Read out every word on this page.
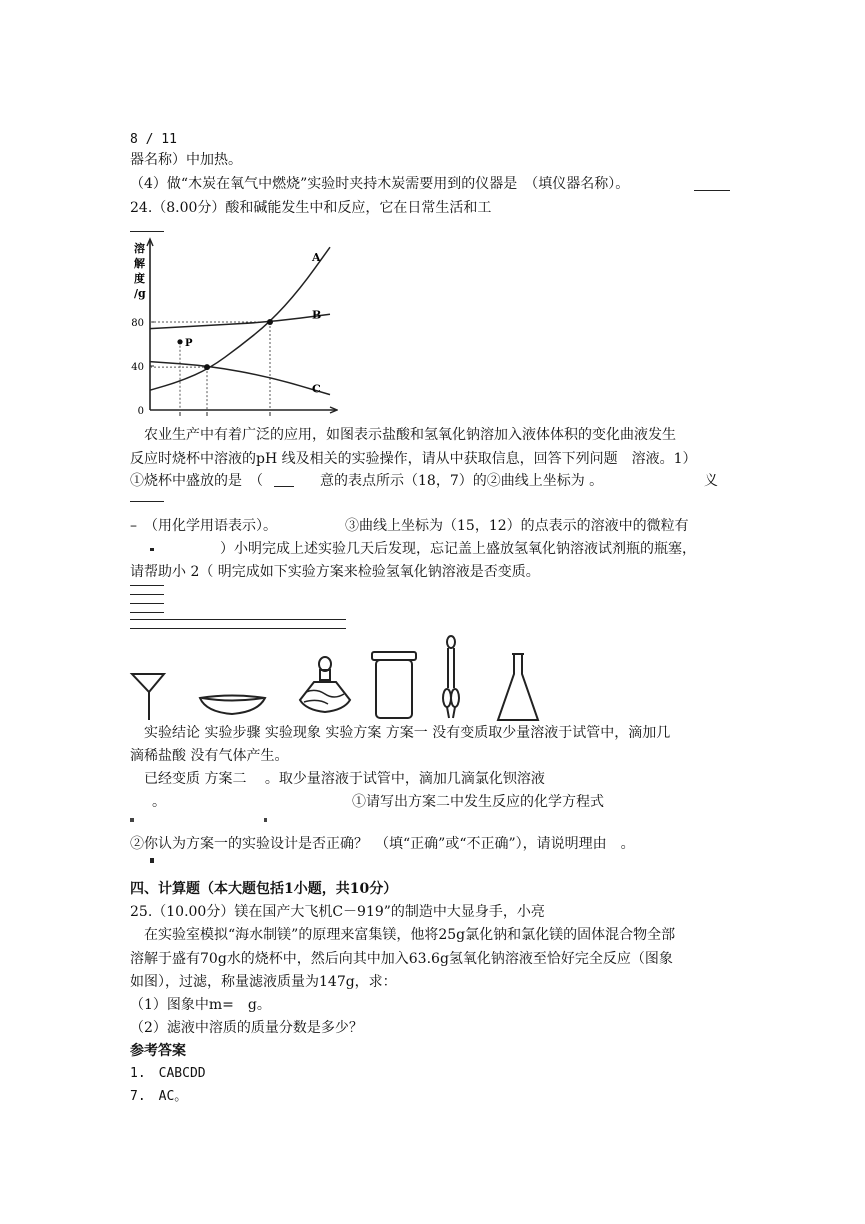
8 / 11
器名称）中加热。
（4）做“木炭在氧气中燃烧”实验时夹持木炭需要用到的仪器是　（填仪器名称）。
24.（8.00分）酸和碱能发生中和反应，它在日常生活和工
溶
解
度
/g
0
40
80
A
B
C
P
　农业生产中有着广泛的应用，如图表示盐酸和氢氧化钠溶加入液体体积的变化曲液发生
反应时烧杯中溶液的pH 线及相关的实验操作，请从中获取信息，回答下列问题　溶液。1）
①烧杯中盛放的是　（	意的表点所示（18，7）的②曲线上坐标为 。	义
–　（用化学用语表示）。	③曲线上坐标为（15，12）的点表示的溶液中的微粒有
）小明完成上述实验几天后发现，忘记盖上盛放氢氧化钠溶液试剂瓶的瓶塞，
请帮助小 2（ 明完成如下实验方案来检验氢氧化钠溶液是否变质。
　实验结论 实验步骤 实验现象 实验方案 方案一 没有变质取少量溶液于试管中，滴加几
滴稀盐酸 没有气体产生。
　已经变质 方案二　 。取少量溶液于试管中，滴加几滴氯化钡溶液
。	①请写出方案二中发生反应的化学方程式
②你认为方案一的实验设计是否正确？　（填“正确”或“不正确”），请说明理由　。
四、计算题（本大题包括1小题，共10分）
25.（10.00分）镁在国产大飞机C－919”的制造中大显身手，小亮
　在实验室模拟“海水制镁”的原理来富集镁，他将25g氯化钠和氯化镁的固体混合物全部
溶解于盛有70g水的烧杯中，然后向其中加入63.6g氢氧化钠溶液至恰好完全反应（图象
如图），过滤，称量滤液质量为147g，求：
（1）图象中m=　g。
（2）滤液中溶质的质量分数是多少？
参考答案
1.　CABCDD
7.　AC。
